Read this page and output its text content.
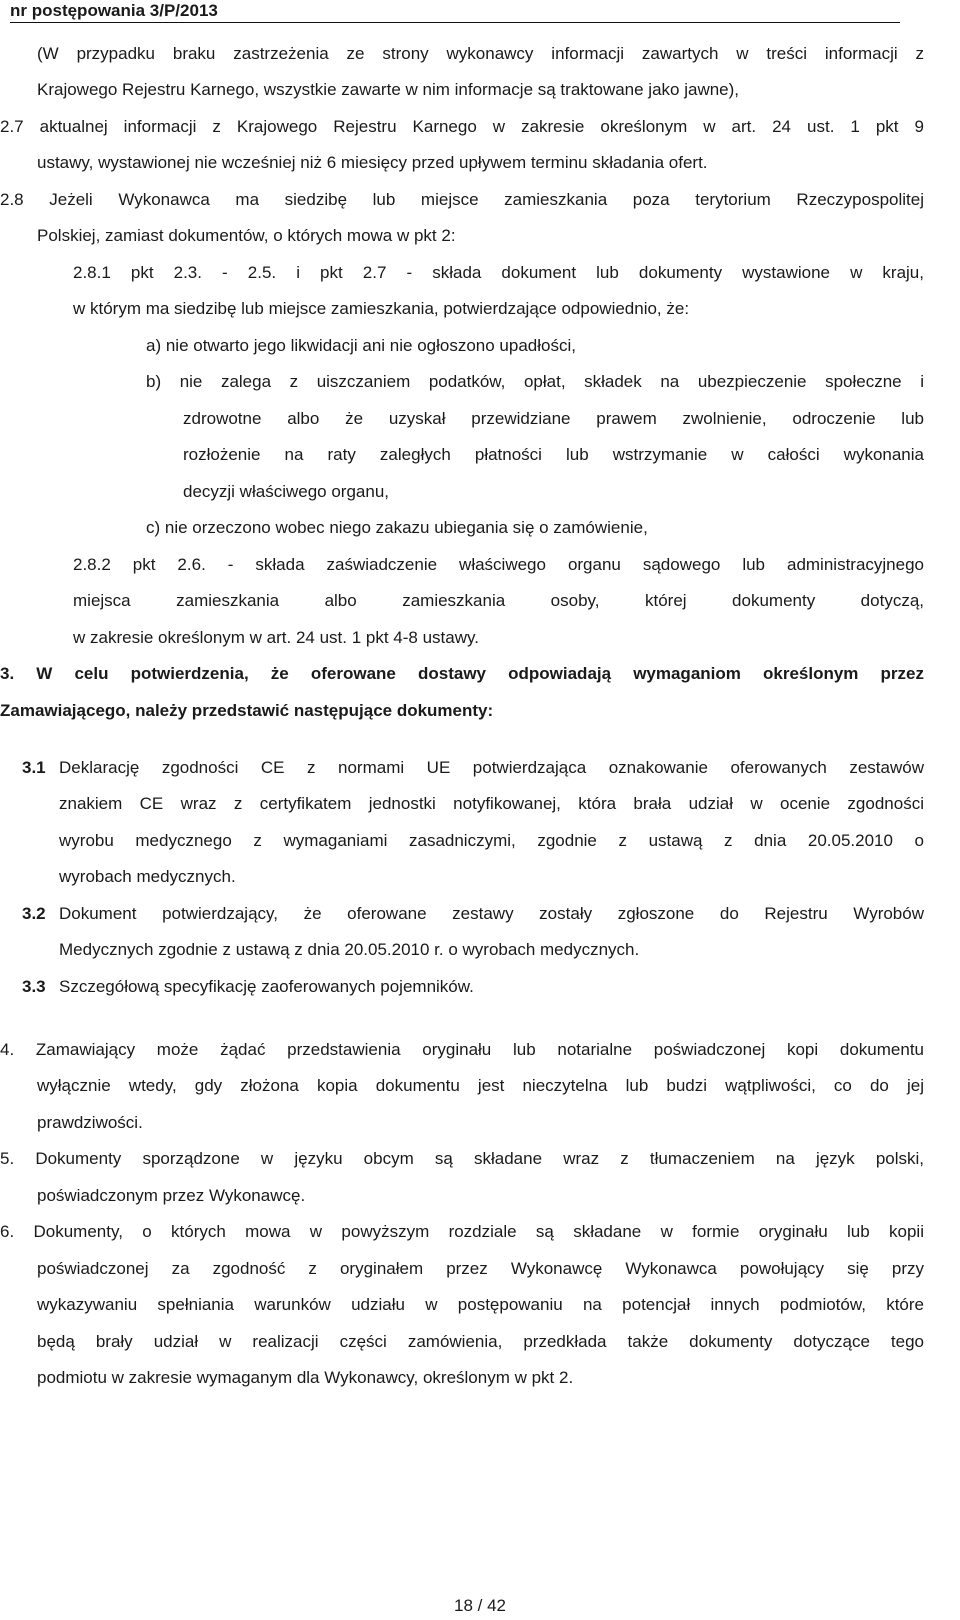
nr postępowania 3/P/2013
(W przypadku braku zastrzeżenia ze strony wykonawcy informacji zawartych w treści informacji z
Krajowego Rejestru Karnego, wszystkie zawarte w nim informacje są traktowane jako jawne),
2.7 aktualnej informacji z Krajowego Rejestru Karnego w zakresie określonym w art. 24 ust. 1 pkt 9
ustawy, wystawionej nie wcześniej niż 6 miesięcy przed upływem terminu składania ofert.
2.8 Jeżeli Wykonawca ma siedzibę lub miejsce zamieszkania poza terytorium Rzeczypospolitej
Polskiej, zamiast dokumentów, o których mowa w pkt 2:
2.8.1 pkt 2.3. - 2.5. i pkt 2.7 - składa dokument lub dokumenty wystawione w kraju,
w którym ma siedzibę lub miejsce zamieszkania, potwierdzające odpowiednio, że:
a) nie otwarto jego likwidacji ani nie ogłoszono upadłości,
b) nie zalega z uiszczaniem podatków, opłat, składek na ubezpieczenie społeczne i
zdrowotne albo że uzyskał przewidziane prawem zwolnienie, odroczenie lub
rozłożenie na raty zaległych płatności lub wstrzymanie w całości wykonania
decyzji właściwego organu,
c) nie orzeczono wobec niego zakazu ubiegania się o zamówienie,
2.8.2 pkt 2.6. - składa zaświadczenie właściwego organu sądowego lub administracyjnego
miejsca zamieszkania albo zamieszkania osoby, której dokumenty dotyczą,
w zakresie określonym w art. 24 ust. 1 pkt 4-8 ustawy.
3. W celu potwierdzenia, że oferowane dostawy odpowiadają wymaganiom określonym przez
Zamawiającego, należy przedstawić następujące dokumenty:
3.1 Deklarację zgodności CE z normami UE potwierdzająca oznakowanie oferowanych zestawów
znakiem CE wraz z certyfikatem jednostki notyfikowanej, która brała udział w ocenie zgodności
wyrobu medycznego z wymaganiami zasadniczymi, zgodnie z ustawą z dnia 20.05.2010 o
wyrobach medycznych.
3.2 Dokument potwierdzający, że oferowane zestawy zostały zgłoszone do Rejestru Wyrobów
Medycznych zgodnie z ustawą z dnia 20.05.2010 r. o wyrobach medycznych.
3.3 Szczegółową specyfikację zaoferowanych pojemników.
4. Zamawiający może żądać przedstawienia oryginału lub notarialne poświadczonej kopi dokumentu
wyłącznie wtedy, gdy złożona kopia dokumentu jest nieczytelna lub budzi wątpliwości, co do jej
prawdziwości.
5. Dokumenty sporządzone w języku obcym są składane wraz z tłumaczeniem na język polski,
poświadczonym przez Wykonawcę.
6. Dokumenty, o których mowa w powyższym rozdziale są składane w formie oryginału lub kopii
poświadczonej za zgodność z oryginałem przez Wykonawcę Wykonawca powołujący się przy
wykazywaniu spełniania warunków udziału w postępowaniu na potencjał innych podmiotów, które
będą brały udział w realizacji części zamówienia, przedkłada także dokumenty dotyczące tego
podmiotu w zakresie wymaganym dla Wykonawcy, określonym w pkt 2.
18 / 42
